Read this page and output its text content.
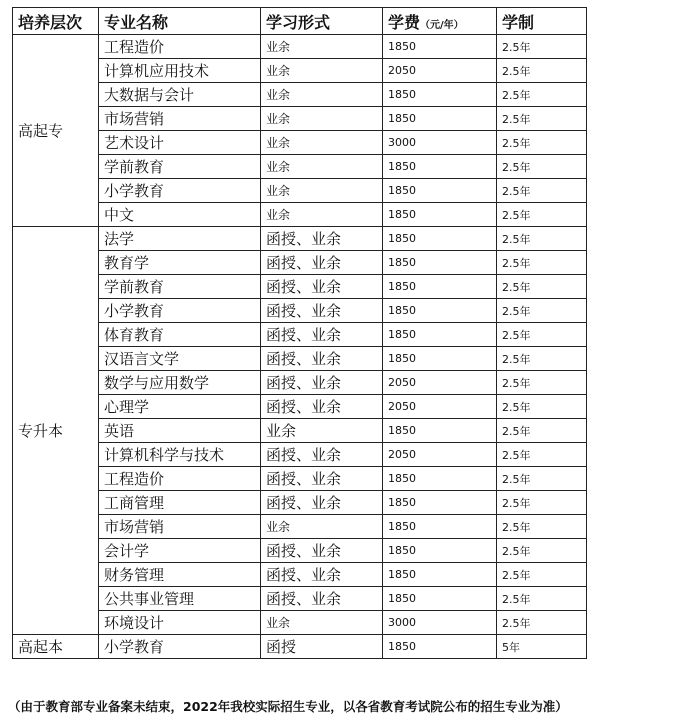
培养层次	专业名称	学习形式	学费（元/年）	学制
高起专	工程造价	业余	1850	2.5年
	计算机应用技术	业余	2050	2.5年
	大数据与会计	业余	1850	2.5年
	市场营销	业余	1850	2.5年
	艺术设计	业余	3000	2.5年
	学前教育	业余	1850	2.5年
	小学教育	业余	1850	2.5年
	中文	业余	1850	2.5年
专升本	法学	函授、业余	1850	2.5年
	教育学	函授、业余	1850	2.5年
	学前教育	函授、业余	1850	2.5年
	小学教育	函授、业余	1850	2.5年
	体育教育	函授、业余	1850	2.5年
	汉语言文学	函授、业余	1850	2.5年
	数学与应用数学	函授、业余	2050	2.5年
	心理学	函授、业余	2050	2.5年
	英语	业余	1850	2.5年
	计算机科学与技术	函授、业余	2050	2.5年
	工程造价	函授、业余	1850	2.5年
	工商管理	函授、业余	1850	2.5年
	市场营销	业余	1850	2.5年
	会计学	函授、业余	1850	2.5年
	财务管理	函授、业余	1850	2.5年
	公共事业管理	函授、业余	1850	2.5年
	环境设计	业余	3000	2.5年
高起本	小学教育	函授	1850	5年
（由于教育部专业备案未结束，2022年我校实际招生专业，以各省教育考试院公布的招生专业为准）
